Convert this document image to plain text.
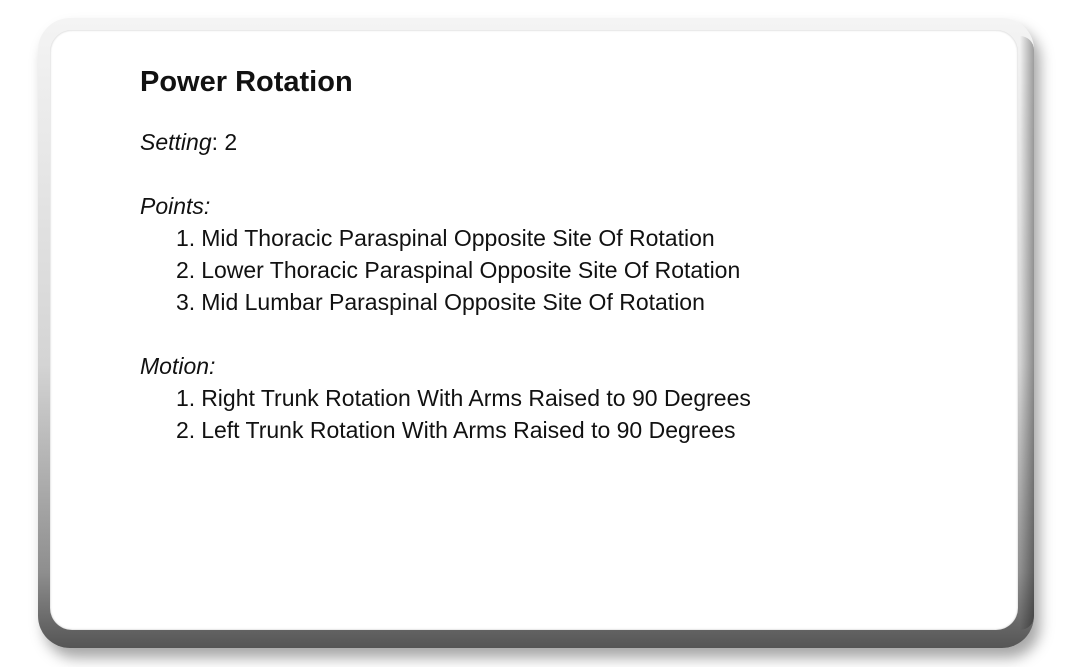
Power Rotation

Setting: 2

Points:

1. Mid Thoracic Paraspinal Opposite Site Of Rotation
2. Lower Thoracic Paraspinal Opposite Site Of Rotation
3. Mid Lumbar Paraspinal Opposite Site Of Rotation

Motion:

1. Right Trunk Rotation With Arms Raised to 90 Degrees
2. Left Trunk Rotation With Arms Raised to 90 Degrees
